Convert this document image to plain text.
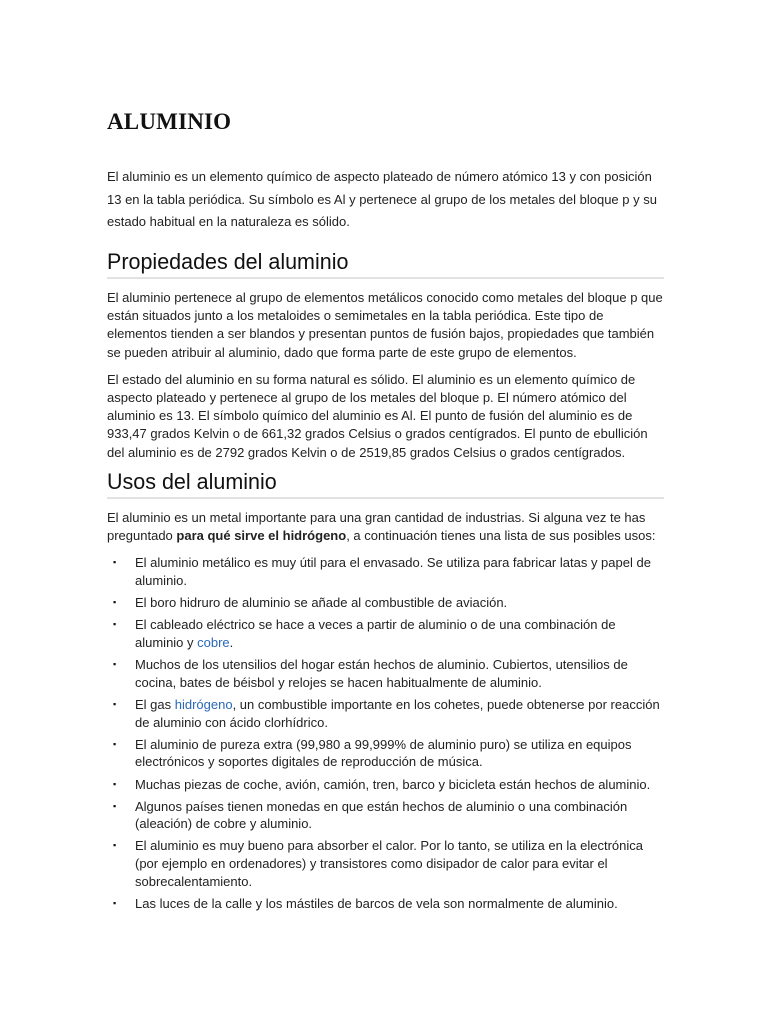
ALUMINIO

El aluminio es un elemento químico de aspecto plateado de número atómico 13 y con posición 13 en la tabla periódica. Su símbolo es Al y pertenece al grupo de los metales del bloque p y su estado habitual en la naturaleza es sólido.

Propiedades del aluminio

El aluminio pertenece al grupo de elementos metálicos conocido como metales del bloque p que están situados junto a los metaloides o semimetales en la tabla periódica. Este tipo de elementos tienden a ser blandos y presentan puntos de fusión bajos, propiedades que también se pueden atribuir al aluminio, dado que forma parte de este grupo de elementos.

El estado del aluminio en su forma natural es sólido. El aluminio es un elemento químico de aspecto plateado y pertenece al grupo de los metales del bloque p. El número atómico del aluminio es 13. El símbolo químico del aluminio es Al. El punto de fusión del aluminio es de 933,47 grados Kelvin o de 661,32 grados Celsius o grados centígrados. El punto de ebullición del aluminio es de 2792 grados Kelvin o de 2519,85 grados Celsius o grados centígrados.

Usos del aluminio

El aluminio es un metal importante para una gran cantidad de industrias. Si alguna vez te has preguntado para qué sirve el hidrógeno, a continuación tienes una lista de sus posibles usos:

▪ El aluminio metálico es muy útil para el envasado. Se utiliza para fabricar latas y papel de aluminio.
▪ El boro hidruro de aluminio se añade al combustible de aviación.
▪ El cableado eléctrico se hace a veces a partir de aluminio o de una combinación de aluminio y cobre.
▪ Muchos de los utensilios del hogar están hechos de aluminio. Cubiertos, utensilios de cocina, bates de béisbol y relojes se hacen habitualmente de aluminio.
▪ El gas hidrógeno, un combustible importante en los cohetes, puede obtenerse por reacción de aluminio con ácido clorhídrico.
▪ El aluminio de pureza extra (99,980 a 99,999% de aluminio puro) se utiliza en equipos electrónicos y soportes digitales de reproducción de música.
▪ Muchas piezas de coche, avión, camión, tren, barco y bicicleta están hechos de aluminio.
▪ Algunos países tienen monedas en que están hechos de aluminio o una combinación (aleación) de cobre y aluminio.
▪ El aluminio es muy bueno para absorber el calor. Por lo tanto, se utiliza en la electrónica (por ejemplo en ordenadores) y transistores como disipador de calor para evitar el sobrecalentamiento.
▪ Las luces de la calle y los mástiles de barcos de vela son normalmente de aluminio.
